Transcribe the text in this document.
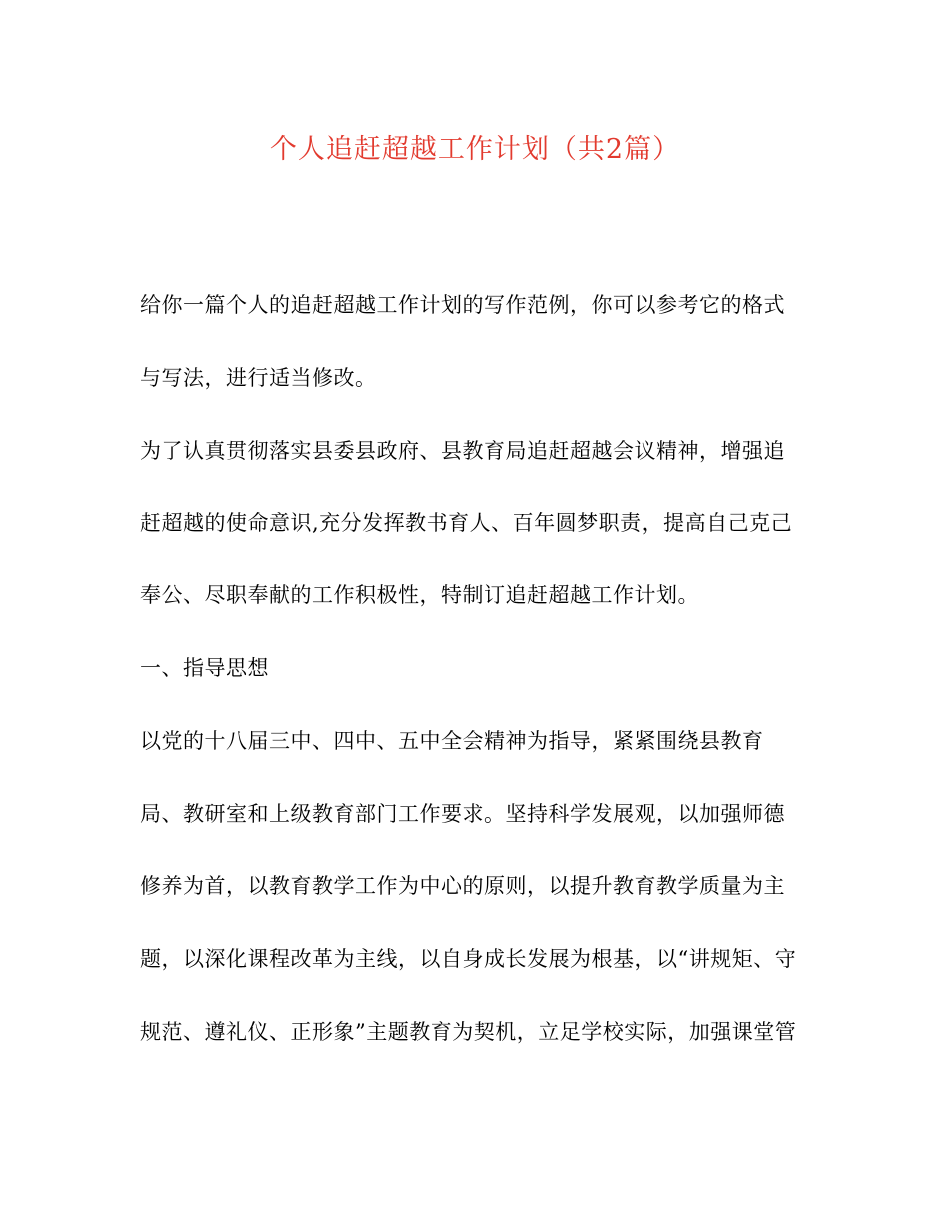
个人追赶超越工作计划（共2篇）
给你一篇个人的追赶超越工作计划的写作范例，你可以参考它的格式
与写法，进行适当修改。
为了认真贯彻落实县委县政府、县教育局追赶超越会议精神，增强追
赶超越的使命意识,充分发挥教书育人、百年圆梦职责，提高自己克己
奉公、尽职奉献的工作积极性，特制订追赶超越工作计划。
一、指导思想
以党的十八届三中、四中、五中全会精神为指导，紧紧围绕县教育
局、教研室和上级教育部门工作要求。坚持科学发展观，以加强师德
修养为首，以教育教学工作为中心的原则，以提升教育教学质量为主
题，以深化课程改革为主线，以自身成长发展为根基，以“讲规矩、守
规范、遵礼仪、正形象”主题教育为契机，立足学校实际，加强课堂管
